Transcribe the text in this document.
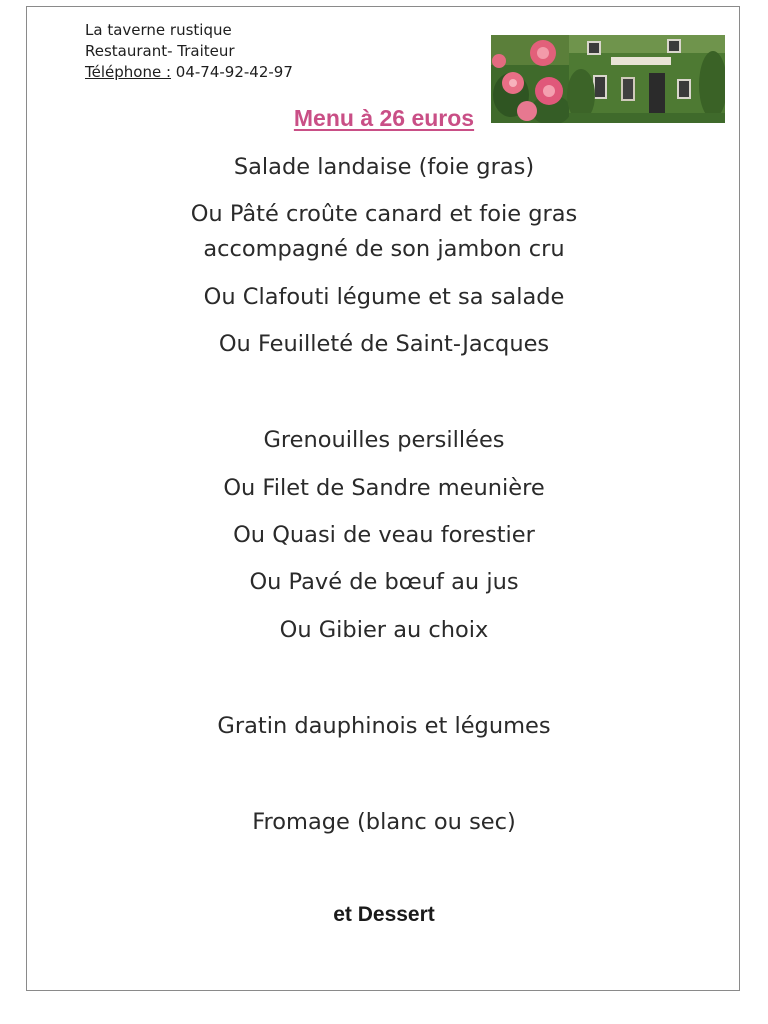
La taverne rustique
Restaurant- Traiteur
Téléphone : 04-74-92-42-97
Menu à 26 euros
Salade landaise (foie gras)
Ou Pâté croûte canard et foie gras
accompagné de son jambon cru
Ou Clafouti légume et sa salade
Ou Feuilleté de Saint-Jacques
Grenouilles persillées
Ou Filet de Sandre meunière
Ou Quasi de veau forestier
Ou Pavé de bœuf au jus
Ou Gibier au choix
Gratin dauphinois et légumes
Fromage (blanc ou sec)
et Dessert
